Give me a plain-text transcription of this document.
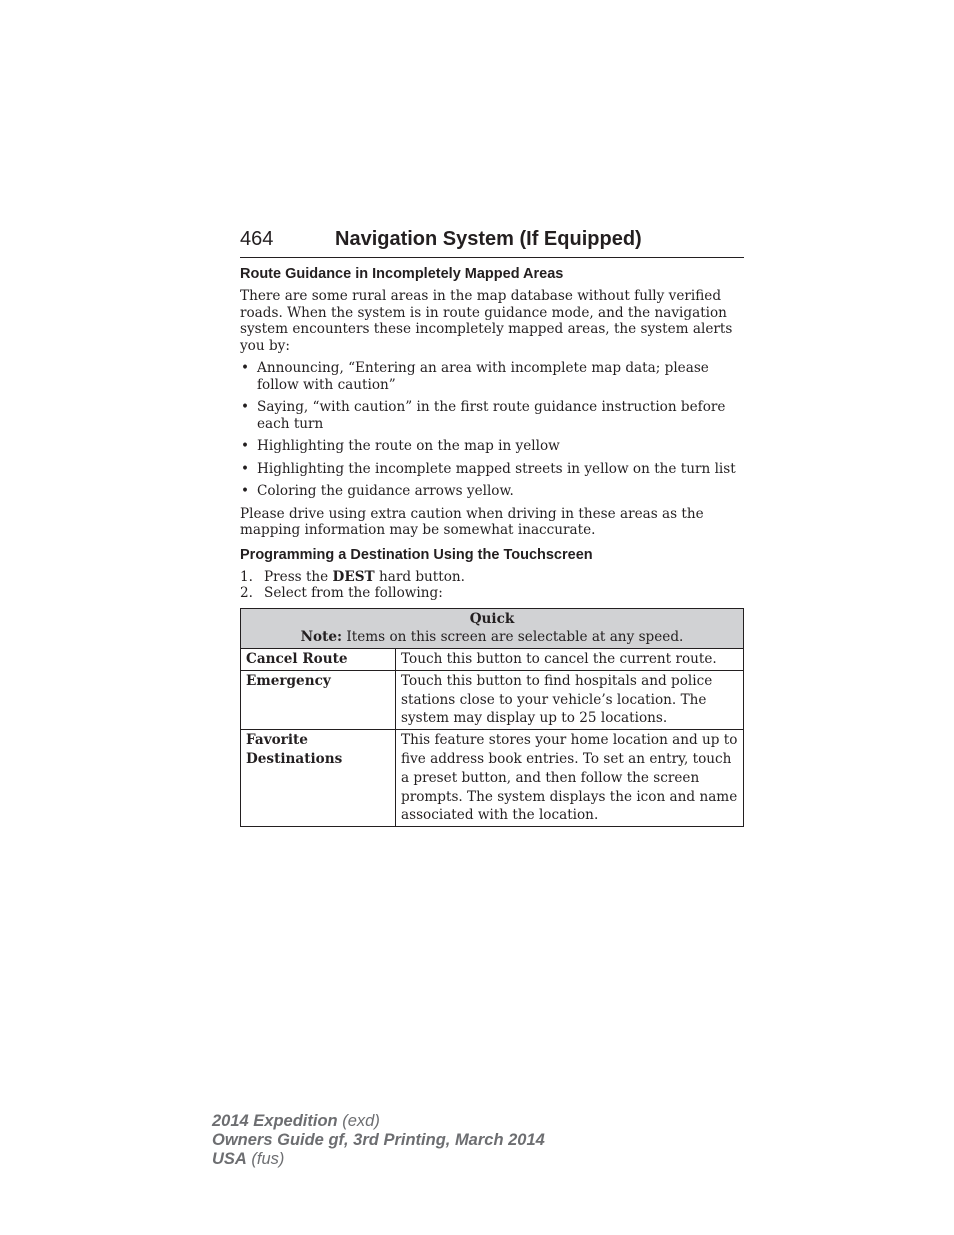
464	Navigation System (If Equipped)
Route Guidance in Incompletely Mapped Areas

There are some rural areas in the map database without fully verified roads. When the system is in route guidance mode, and the navigation system encounters these incompletely mapped areas, the system alerts you by:

• Announcing, “Entering an area with incomplete map data; please follow with caution”
• Saying, “with caution” in the first route guidance instruction before each turn
• Highlighting the route on the map in yellow
• Highlighting the incomplete mapped streets in yellow on the turn list
• Coloring the guidance arrows yellow.

Please drive using extra caution when driving in these areas as the mapping information may be somewhat inaccurate.

Programming a Destination Using the Touchscreen
1. Press the DEST hard button.
2. Select from the following:
Quick
Note: Items on this screen are selectable at any speed.	
Cancel Route	Touch this button to cancel the current route.
Emergency	Touch this button to find hospitals and police stations close to your vehicle’s location. The system may display up to 25 locations.
Favorite Destinations	This feature stores your home location and up to five address book entries. To set an entry, touch a preset button, and then follow the screen prompts. The system displays the icon and name associated with the location.
2014 Expedition (exd)
Owners Guide gf, 3rd Printing, March 2014
USA (fus)
